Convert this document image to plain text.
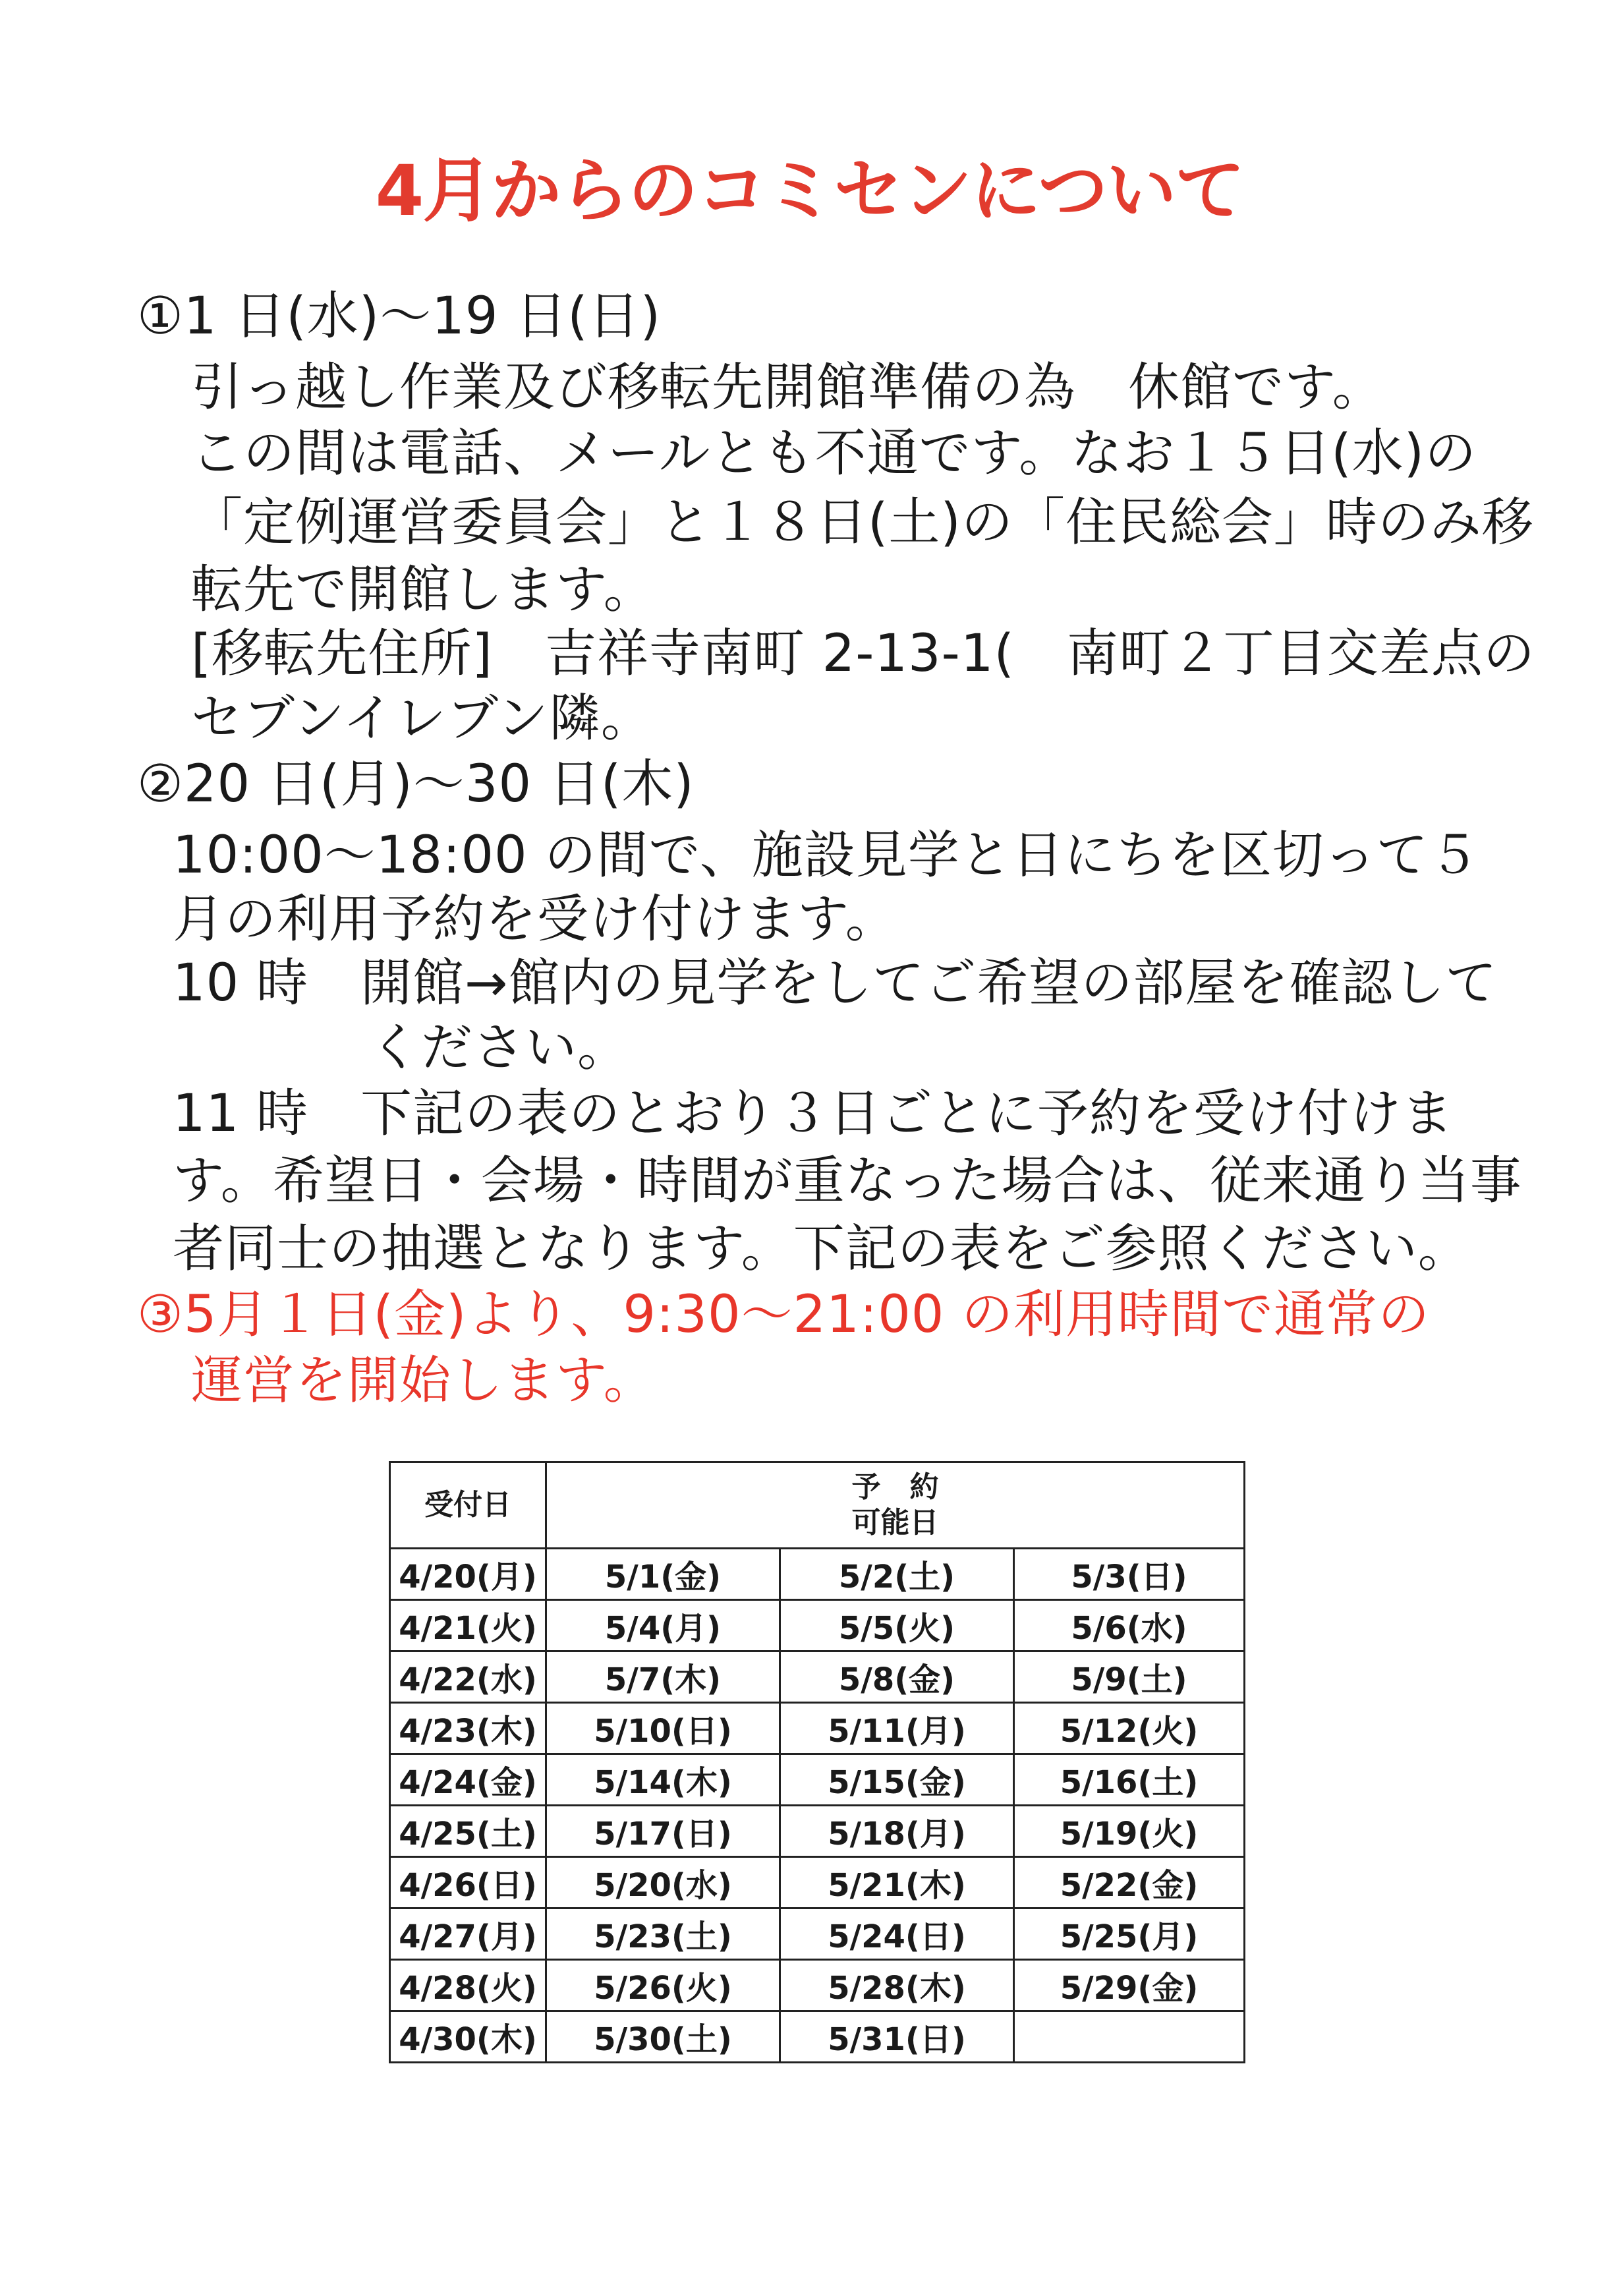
4月からのコミセンについて
①1 日(水)〜19 日(日)
引っ越し作業及び移転先開館準備の為　休館です。
この間は電話、メールとも不通です。なお１５日(水)の
「定例運営委員会」と１８日(土)の「住民総会」時のみ移
転先で開館します。
[移転先住所]　吉祥寺南町 2-13-1(　南町２丁目交差点の
セブンイレブン隣。
②20 日(月)〜30 日(木)
10:00〜18:00 の間で、施設見学と日にちを区切って５
月の利用予約を受け付けます。
10 時　開館→館内の見学をしてご希望の部屋を確認して
ください。
11 時　下記の表のとおり３日ごとに予約を受け付けま
す。希望日・会場・時間が重なった場合は、従来通り当事
者同士の抽選となります。下記の表をご参照ください。
③5月１日(金)より、9:30〜21:00 の利用時間で通常の
運営を開始します。
受付日	予　約
可能日		

4/20(月)	5/1(金)	5/2(土)	5/3(日)
4/21(火)	5/4(月)	5/5(火)	5/6(水)
4/22(水)	5/7(木)	5/8(金)	5/9(土)
4/23(木)	5/10(日)	5/11(月)	5/12(火)
4/24(金)	5/14(木)	5/15(金)	5/16(土)
4/25(土)	5/17(日)	5/18(月)	5/19(火)
4/26(日)	5/20(水)	5/21(木)	5/22(金)
4/27(月)	5/23(土)	5/24(日)	5/25(月)
4/28(火)	5/26(火)	5/28(木)	5/29(金)
4/30(木)	5/30(土)	5/31(日)	
